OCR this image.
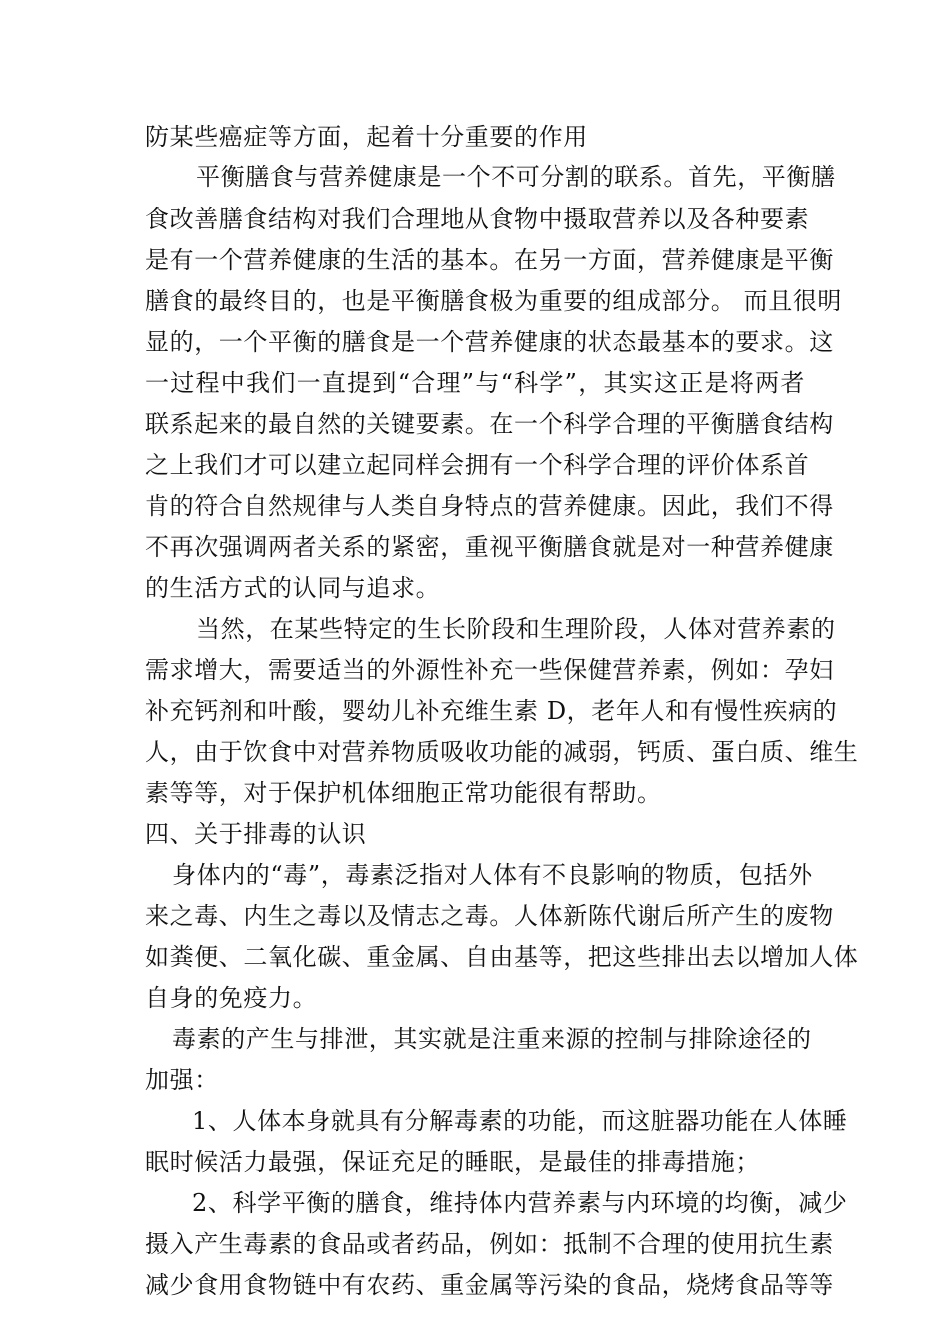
防某些癌症等方面，起着十分重要的作用
平衡膳食与营养健康是一个不可分割的联系。首先，平衡膳
食改善膳食结构对我们合理地从食物中摄取营养以及各种要素
是有一个营养健康的生活的基本。在另一方面，营养健康是平衡
膳食的最终目的，也是平衡膳食极为重要的组成部分。 而且很明
显的，一个平衡的膳食是一个营养健康的状态最基本的要求。这
一过程中我们一直提到“合理”与“科学”，其实这正是将两者
联系起来的最自然的关键要素。在一个科学合理的平衡膳食结构
之上我们才可以建立起同样会拥有一个科学合理的评价体系首
肯的符合自然规律与人类自身特点的营养健康。因此，我们不得
不再次强调两者关系的紧密，重视平衡膳食就是对一种营养健康
的生活方式的认同与追求。
当然，在某些特定的生长阶段和生理阶段，人体对营养素的
需求增大，需要适当的外源性补充一些保健营养素，例如：孕妇
补充钙剂和叶酸，婴幼儿补充维生素 D，老年人和有慢性疾病的
人，由于饮食中对营养物质吸收功能的减弱，钙质、蛋白质、维生
素等等，对于保护机体细胞正常功能很有帮助。
四、关于排毒的认识
身体内的“毒”，毒素泛指对人体有不良影响的物质，包括外
来之毒、内生之毒以及情志之毒。人体新陈代谢后所产生的废物
如粪便、二氧化碳、重金属、自由基等，把这些排出去以增加人体
自身的免疫力。
毒素的产生与排泄，其实就是注重来源的控制与排除途径的
加强：
1、人体本身就具有分解毒素的功能，而这脏器功能在人体睡
眠时候活力最强，保证充足的睡眠，是最佳的排毒措施；
2、科学平衡的膳食，维持体内营养素与内环境的均衡，减少
摄入产生毒素的食品或者药品，例如：抵制不合理的使用抗生素
减少食用食物链中有农药、重金属等污染的食品，烧烤食品等等
